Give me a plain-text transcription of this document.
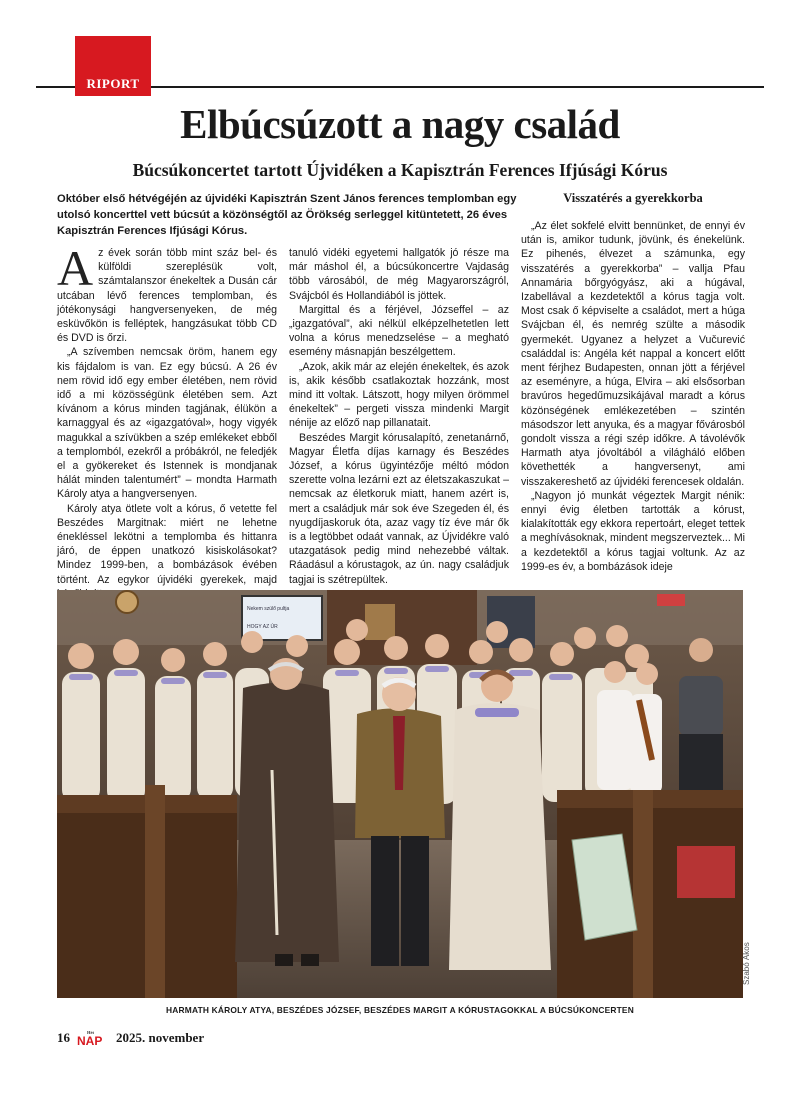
RIPORT
Elbúcsúzott a nagy család
Búcsúkoncertet tartott Újvidéken a Kapisztrán Ferences Ifjúsági Kórus

Október első hétvégéjén az újvidéki Kapisztrán Szent János ferences templomban egy utolsó koncerttel vett búcsút a közönségtől az Örökség serleggel kitüntetett, 26 éves Kapisztrán Ferences Ifjúsági Kórus.

Az évek során több mint száz bel- és külföldi szereplésük volt, számtalanszor énekeltek a Dusán cár utcában lévő ferences templomban, és jótékonysági hangversenyeken, de még esküvőkön is felléptek, hangzásukat több CD és DVD is őrzi.

„A szívemben nemcsak öröm, hanem egy kis fájdalom is van. Ez egy búcsú. A 26 év nem rövid idő egy ember életében, nem rövid idő a mi közösségünk életében sem. Azt kívánom a kórus minden tagjának, élükön a karnaggyal és az «igazgatóval», hogy vigyék magukkal a szívükben a szép emlékeket ebből a templomból, ezekről a próbákról, ne feledjék el a gyökereket és Istennek is mondjanak hálát minden talentumért” – mondta Harmath Károly atya a hangversenyen.

Károly atya ötlete volt a kórus, ő vetette fel Beszédes Margitnak: miért ne lehetne énekléssel lekötni a templomba és hittanra járó, de éppen unatkozó kisiskolásokat? Mindez 1999-ben, a bombázások évében történt. Az egykor újvidéki gyerekek, majd

tanuló vidéki egyetemi hallgatók jó része ma már máshol él, a búcsúkoncertre Vajdaság több városából, de még Magyarországról, Svájcból és Hollandiából is jöttek.

Margittal és a férjével, Józseffel – az „igazgatóval”, aki nélkül elképzelhetetlen lett volna a kórus menedzselése – a megható esemény másnapján beszélgettem.

„Azok, akik már az elején énekeltek, és azok is, akik később csatlakoztak hozzánk, most mind itt voltak. Látszott, hogy milyen örömmel énekeltek” – pergeti vissza mindenki Margit nénije az előző nap pillanatait.

Beszédes Margit kórusalapító, zenetanárnő, Magyar Életfa díjas karnagy és Beszédes József, a kórus ügyintézője méltó módon szerette volna lezárni ezt az életszakaszukat – nemcsak az életkoruk miatt, hanem azért is, mert a családjuk már sok éve Szegeden él, és nyugdíjaskoruk óta, azaz vagy tíz éve már ők is a legtöbbet odaát vannak, az Újvidékre való utazgatások pedig mind nehezebbé váltak. Ráadásul a kórustagok, az ún. nagy családjuk tagjai is szétrepültek.

Visszatérés a gyerekkorba

„Az élet sokfelé elvitt bennünket, de ennyi év után is, amikor tudunk, jövünk, és énekelünk. Ez pihenés, élvezet a számunka, egy visszatérés a gyerekkorba” – vallja Pfau Annamária bőrgyógyász, aki a húgával, Izabellával a kezdetektől a kórus tagja volt. Most csak ő képviselte a családot, mert a húga Svájcban él, és nemrég szülte a második gyermekét. Ugyanez a helyzet a Vučurević családdal is: Angéla két nappal a koncert előtt ment férjhez Budapesten, onnan jött a férjével az eseményre, a húga, Elvira – aki elsősorban bravúros hegedűmuzsikájával maradt a kórus közönségének emlékezetében – szintén másodszor lett anyuka, és a magyar fővárosból gondolt vissza a régi szép időkre. A távolévők Harmath atya jóvoltából a világháló előben követhették a hangversenyt, ami visszakereshető az újvidéki ferencesek oldalán.

„Nagyon jó munkát végeztek Margit nénik: ennyi évig életben tartották a kórust, kialakították egy ekkora repertoárt, eleget tettek a meghívásoknak, mindent megszerveztek... Mi a kezdetektől a kórus tagjai voltunk. Az az 1999-es év, a bombázások ideje

Nekem szülő pultja
HOGY AZ ÚR
Szabó Ákos

HARMATH KÁROLY ATYA, BESZÉDES JÓZSEF, BESZÉDES MARGIT A KÓRUSTAGOKKAL A BÚCSÚKONCERTEN

16	Hét
NAP 2025. november
